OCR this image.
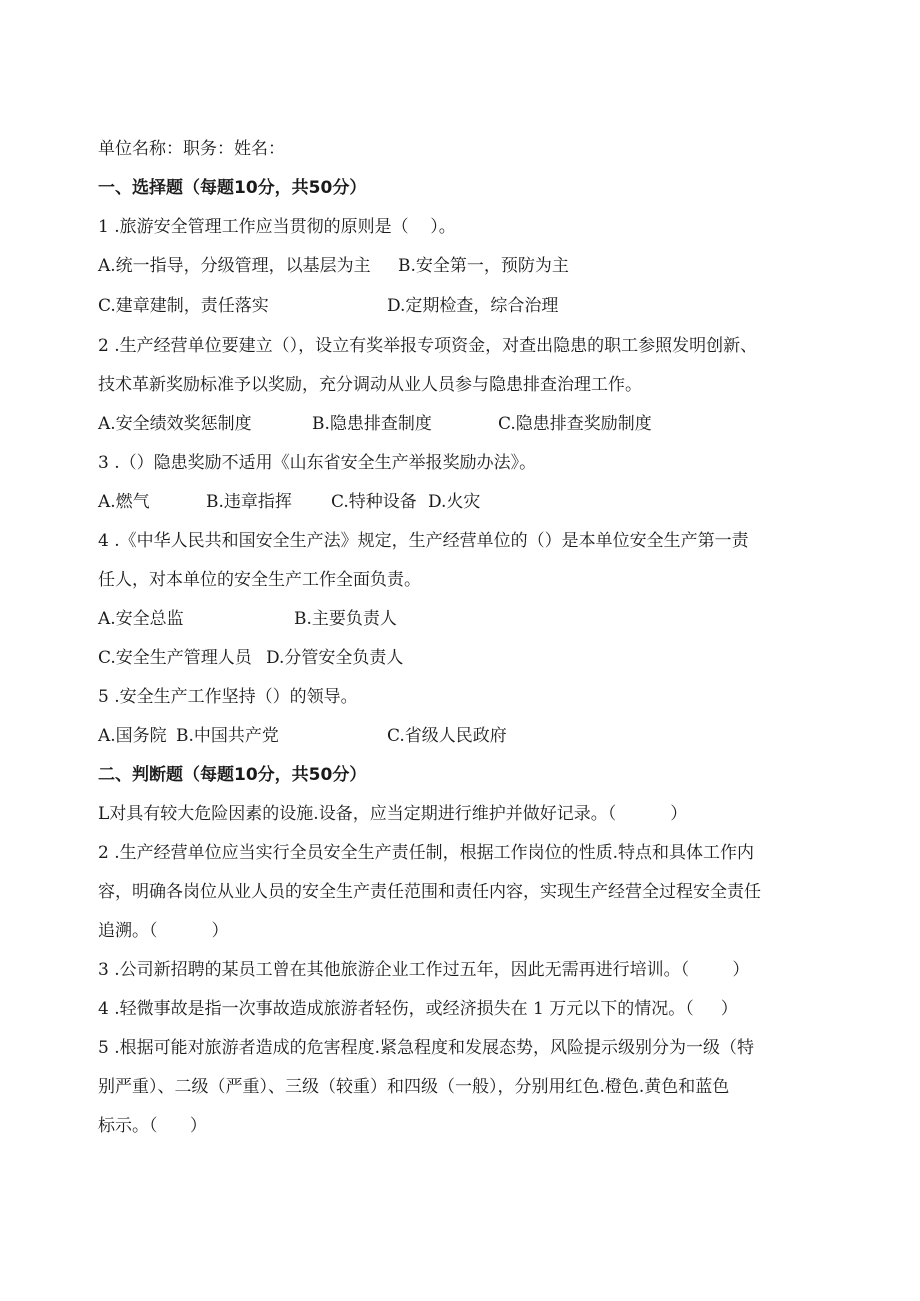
单位名称：职务：姓名：
一、选择题（每题10分，共50分）
1 .旅游安全管理工作应当贯彻的原则是（    ）。
A.统一指导，分级管理，以基层为主 B.安全第一，预防为主
C.建章建制，责任落实	D.定期检查，综合治理
2 .生产经营单位要建立（），设立有奖举报专项资金，对查出隐患的职工参照发明创新、
技术革新奖励标准予以奖励，充分调动从业人员参与隐患排查治理工作。
A.安全绩效奖惩制度	B.隐患排查制度	C.隐患排查奖励制度
3 .（）隐患奖励不适用《山东省安全生产举报奖励办法》。
A.燃气	B.违章指挥 C.特种设备 D.火灾
4 .《中华人民共和国安全生产法》规定，生产经营单位的（）是本单位安全生产第一责
任人，对本单位的安全生产工作全面负责。
A.安全总监	B.主要负责人
C.安全生产管理人员 D.分管安全负责人
5 .安全生产工作坚持（）的领导。
A.国务院 B.中国共产党	C.省级人民政府
二、判断题（每题10分，共50分）
L对具有较大危险因素的设施.设备，应当定期进行维护并做好记录。（          ）
2 .生产经营单位应当实行全员安全生产责任制，根据工作岗位的性质.特点和具体工作内
容，明确各岗位从业人员的安全生产责任范围和责任内容，实现生产经营全过程安全责任
追溯。（          ）
3 .公司新招聘的某员工曾在其他旅游企业工作过五年，因此无需再进行培训。（        ）
4 .轻微事故是指一次事故造成旅游者轻伤，或经济损失在 1 万元以下的情况。（     ）
5 .根据可能对旅游者造成的危害程度.紧急程度和发展态势，风险提示级别分为一级（特
别严重）、二级（严重）、三级（较重）和四级（一般），分别用红色.橙色.黄色和蓝色
标示。（      ）
